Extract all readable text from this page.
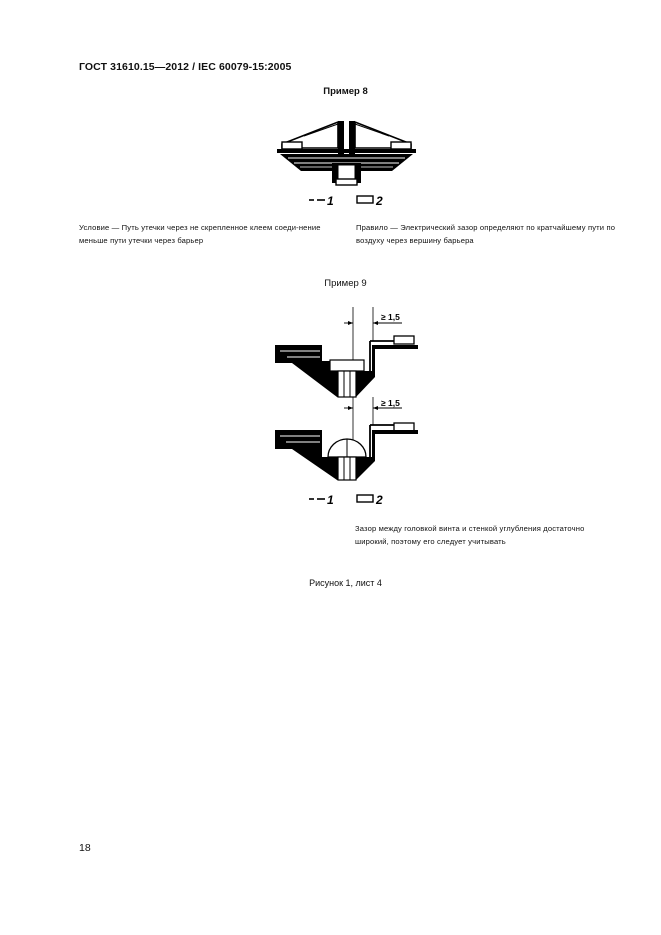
ГОСТ 31610.15—2012 / IEC 60079-15:2005
Пример 8
1	2
Условие — Путь утечки через не скрепленное клеем соеди-нение меньше пути утечки через барьер
Правило — Электрический зазор определяют по кратчайшему пути по воздуху через вершину барьера
Пример 9
≥ 1,5
≥ 1,5
1	2
Зазор между головкой винта и стенкой углубления достаточно широкий, поэтому его следует учитывать
Рисунок 1, лист 4
18
